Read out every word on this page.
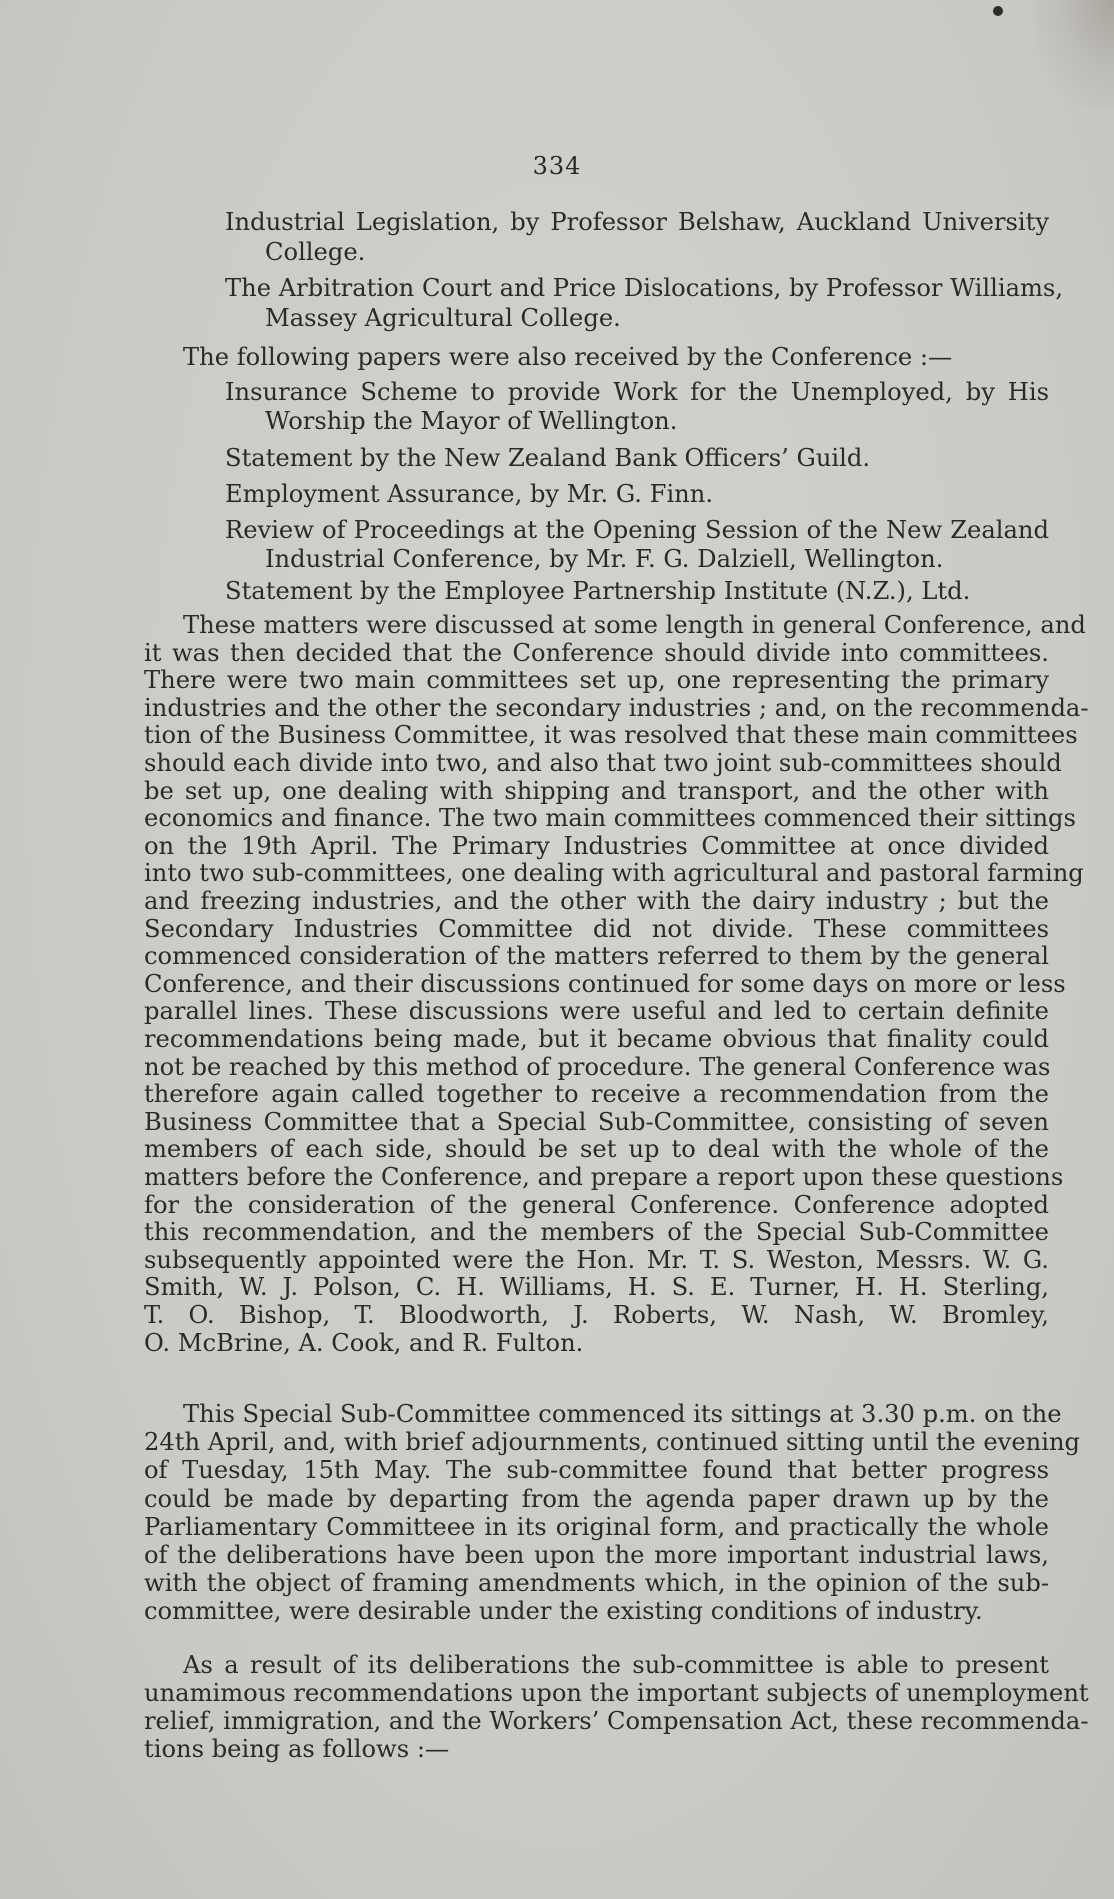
334
Industrial Legislation, by Professor Belshaw, Auckland University
College.
The Arbitration Court and Price Dislocations, by Professor Williams,
Massey Agricultural College.
The following papers were also received by the Conference :—
Insurance Scheme to provide Work for the Unemployed, by His
Worship the Mayor of Wellington.
Statement by the New Zealand Bank Officers’ Guild.
Employment Assurance, by Mr. G. Finn.
Review of Proceedings at the Opening Session of the New Zealand
Industrial Conference, by Mr. F. G. Dalziell, Wellington.
Statement by the Employee Partnership Institute (N.Z.), Ltd.
These matters were discussed at some length in general Conference, and
it was then decided that the Conference should divide into committees.
There were two main committees set up, one representing the primary
industries and the other the secondary industries ; and, on the recommenda-
tion of the Business Committee, it was resolved that these main committees
should each divide into two, and also that two joint sub-committees should
be set up, one dealing with shipping and transport, and the other with
economics and finance. The two main committees commenced their sittings
on the 19th April. The Primary Industries Committee at once divided
into two sub-committees, one dealing with agricultural and pastoral farming
and freezing industries, and the other with the dairy industry ; but the
Secondary Industries Committee did not divide. These committees
commenced consideration of the matters referred to them by the general
Conference, and their discussions continued for some days on more or less
parallel lines. These discussions were useful and led to certain definite
recommendations being made, but it became obvious that finality could
not be reached by this method of procedure. The general Conference was
therefore again called together to receive a recommendation from the
Business Committee that a Special Sub-Committee, consisting of seven
members of each side, should be set up to deal with the whole of the
matters before the Conference, and prepare a report upon these questions
for the consideration of the general Conference. Conference adopted
this recommendation, and the members of the Special Sub-Committee
subsequently appointed were the Hon. Mr. T. S. Weston, Messrs. W. G.
Smith, W. J. Polson, C. H. Williams, H. S. E. Turner, H. H. Sterling,
T. O. Bishop, T. Bloodworth, J. Roberts, W. Nash, W. Bromley,
O. McBrine, A. Cook, and R. Fulton.
This Special Sub-Committee commenced its sittings at 3.30 p.m. on the
24th April, and, with brief adjournments, continued sitting until the evening
of Tuesday, 15th May. The sub-committee found that better progress
could be made by departing from the agenda paper drawn up by the
Parliamentary Committeee in its original form, and practically the whole
of the deliberations have been upon the more important industrial laws,
with the object of framing amendments which, in the opinion of the sub-
committee, were desirable under the existing conditions of industry.
As a result of its deliberations the sub-committee is able to present
unamimous recommendations upon the important subjects of unemployment
relief, immigration, and the Workers’ Compensation Act, these recommenda-
tions being as follows :—
